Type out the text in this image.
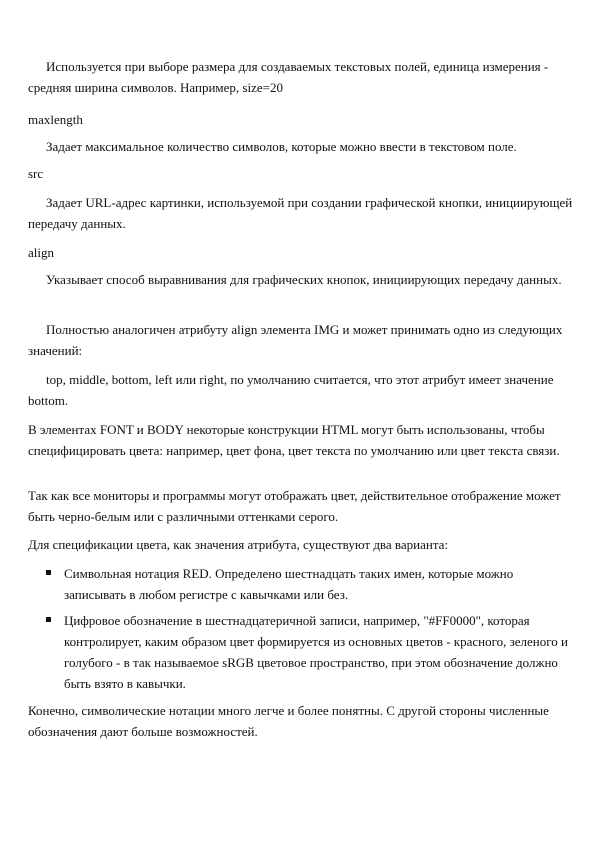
Используется при выборе размера для создаваемых текстовых полей, единица измерения - средняя ширина символов. Например, size=20

maxlength

Задает максимальное количество символов, которые можно ввести в текстовом поле.

src

Задает URL-адрес картинки, используемой при создании графической кнопки, инициирующей передачу данных.

align

Указывает способ выравнивания для графических кнопок, инициирующих передачу данных.

Полностью аналогичен атрибуту align элемента IMG и может принимать одно из следующих значений:

top, middle, bottom, left или right, по умолчанию считается, что этот атрибут имеет значение bottom.

В элементах FONT и BODY некоторые конструкции HTML могут быть использованы, чтобы специфицировать цвета: например, цвет фона, цвет текста по умолчанию или цвет текста связи.

Так как все мониторы и программы могут отображать цвет, действительное отображение может быть черно-белым или с различными оттенками серого.

Для спецификации цвета, как значения атрибута, существуют два варианта:

Символьная нотация RED. Определено шестнадцать таких имен, которые можно записывать в любом регистре с кавычками или без.
Цифровое обозначение в шестнадцатеричной записи, например, "#FF0000", которая контролирует, каким образом цвет формируется из основных цветов - красного, зеленого и голубого - в так называемое sRGB цветовое пространство, при этом обозначение должно быть взято в кавычки.

Конечно, символические нотации много легче и более понятны. С другой стороны численные обозначения дают больше возможностей.
